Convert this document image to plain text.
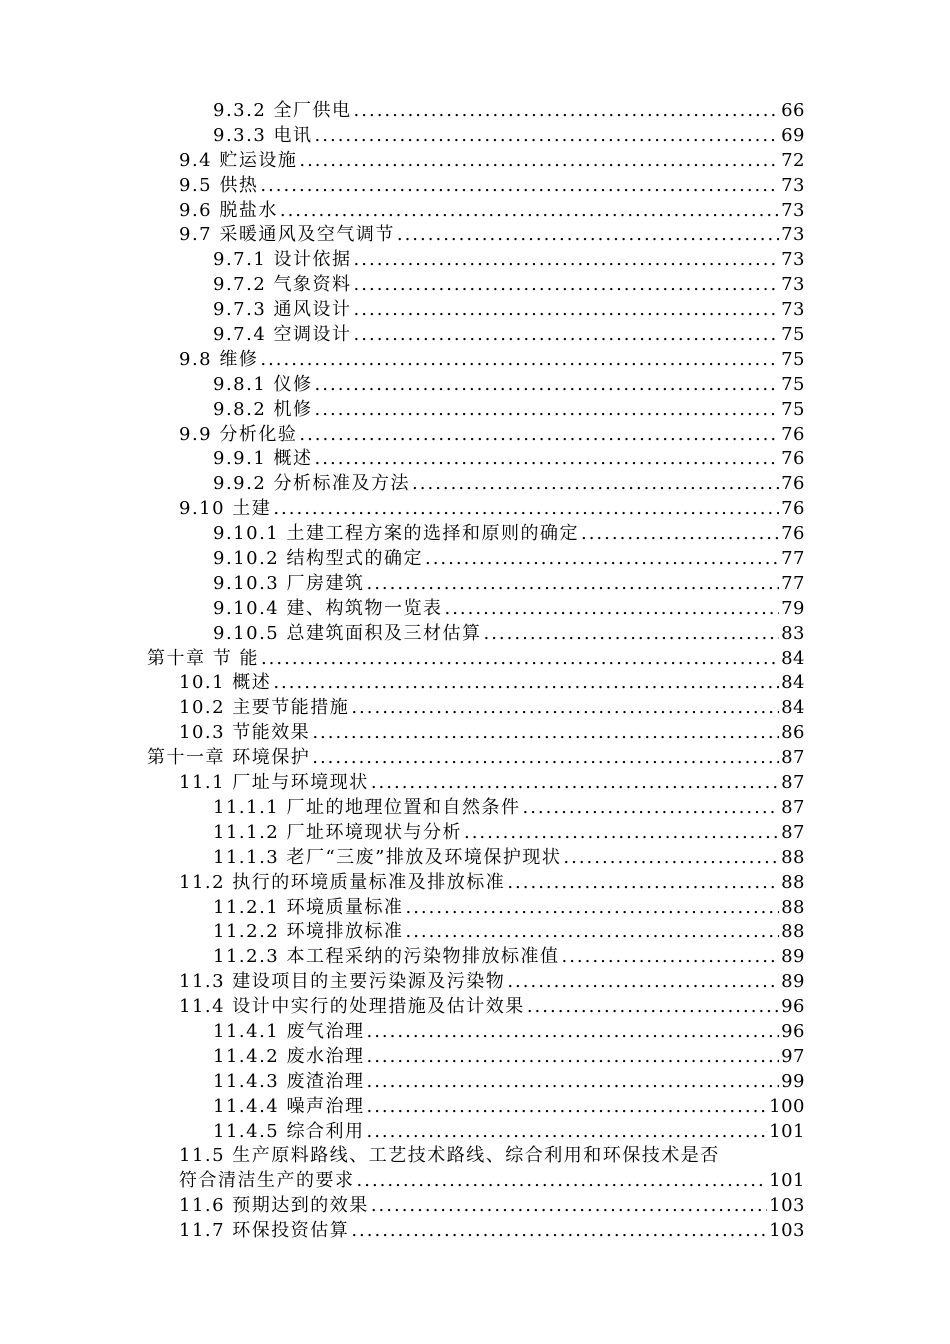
9.3.2 全厂供电 .....	66
9.3.3 电讯 .....	69
9.4 贮运设施 .....	72
9.5 供热 .....	73
9.6 脱盐水 .....	73
9.7 采暖通风及空气调节 .....	73
9.7.1 设计依据 .....	73
9.7.2 气象资料 .....	73
9.7.3 通风设计 .....	73
9.7.4 空调设计 .....	75
9.8 维修 .....	75
9.8.1 仪修 .....	75
9.8.2 机修 .....	75
9.9 分析化验 .....	76
9.9.1 概述 .....	76
9.9.2 分析标准及方法 .....	76
9.10 土建 .....	76
9.10.1 土建工程方案的选择和原则的确定 .....	76
9.10.2 结构型式的确定 .....	77
9.10.3 厂房建筑 .....	77
9.10.4 建、构筑物一览表 .....	79
9.10.5 总建筑面积及三材估算 .....	83
第十章 节 能 .....	84
10.1 概述 .....	84
10.2 主要节能措施 .....	84
10.3 节能效果 .....	86
第十一章 环境保护 .....	87
11.1 厂址与环境现状 .....	87
11.1.1 厂址的地理位置和自然条件 .....	87
11.1.2 厂址环境现状与分析 .....	87
11.1.3 老厂“三废”排放及环境保护现状 .....	88
11.2 执行的环境质量标准及排放标准 .....	88
11.2.1 环境质量标准 .....	88
11.2.2 环境排放标准 .....	88
11.2.3 本工程采纳的污染物排放标准值 .....	89
11.3 建设项目的主要污染源及污染物 .....	89
11.4 设计中实行的处理措施及估计效果 .....	96
11.4.1 废气治理 .....	96
11.4.2 废水治理 .....	97
11.4.3 废渣治理 .....	99
11.4.4 噪声治理 .....	100
11.4.5 综合利用 .....	101
11.5 生产原料路线、工艺技术路线、综合利用和环保技术是否
符合清洁生产的要求 .....	101
11.6 预期达到的效果 .....	103
11.7 环保投资估算 .....	103
